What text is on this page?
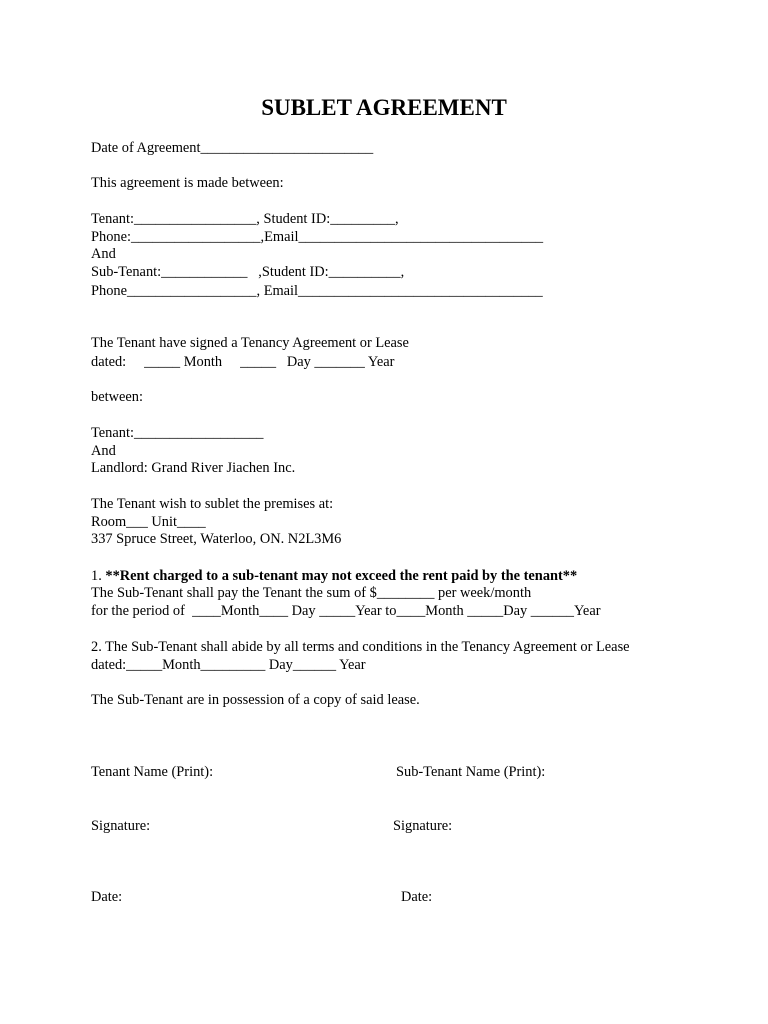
SUBLET AGREEMENT
Date of Agreement________________________
This agreement is made between:
Tenant:_________________, Student ID:_________,
Phone:__________________,Email__________________________________
And
Sub-Tenant:____________   ,Student ID:__________,
Phone__________________, Email__________________________________
The Tenant have signed a Tenancy Agreement or Lease
dated:     _____ Month     _____   Day _______ Year
between:
Tenant:__________________
And
Landlord: Grand River Jiachen Inc.
The Tenant wish to sublet the premises at:
Room___ Unit____
337 Spruce Street, Waterloo, ON. N2L3M6
1. **Rent charged to a sub-tenant may not exceed the rent paid by the tenant**
The Sub-Tenant shall pay the Tenant the sum of $________ per week/month
for the period of  ____Month____ Day _____Year to____Month _____Day ______Year
2. The Sub-Tenant shall abide by all terms and conditions in the Tenancy Agreement or Lease
dated:_____Month_________ Day______ Year
The Sub-Tenant are in possession of a copy of said lease.
Tenant Name (Print):	Sub-Tenant Name (Print):
Signature:	Signature:
Date:	Date:
